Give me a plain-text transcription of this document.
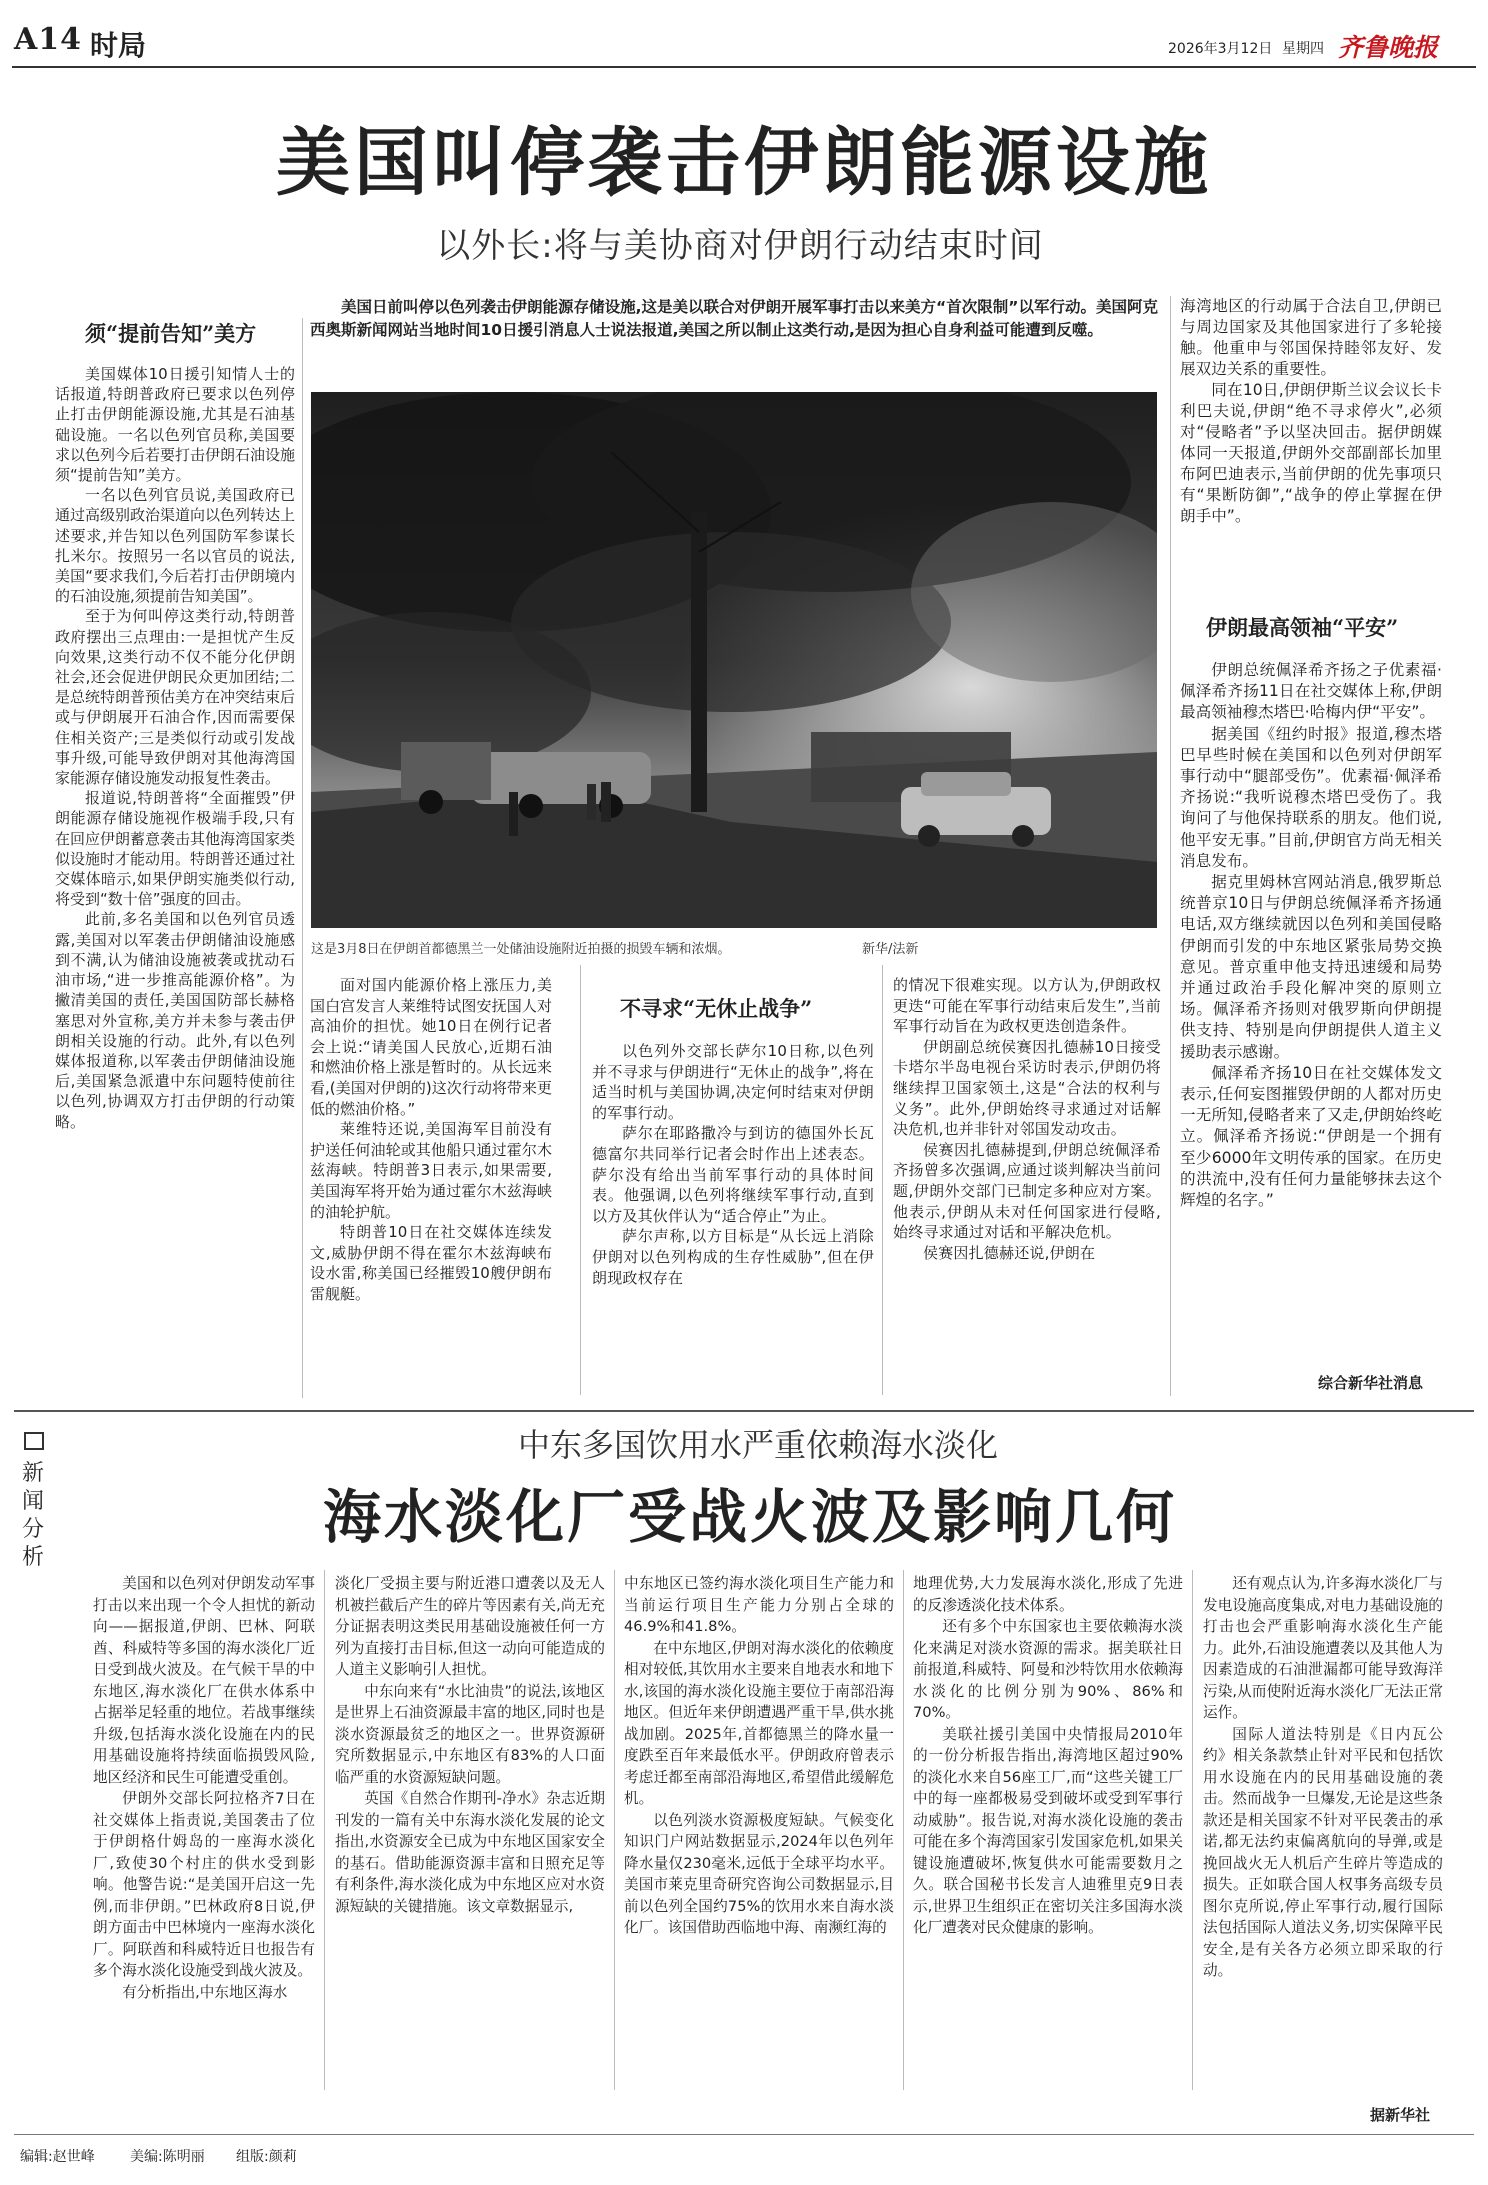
A14 时局	2026年3月12日 星期四 齐鲁晚报
美国叫停袭击伊朗能源设施
以外长:将与美协商对伊朗行动结束时间
须“提前告知”美方

美国媒体10日援引知情人士的话报道,特朗普政府已要求以色列停止打击伊朗能源设施,尤其是石油基础设施。一名以色列官员称,美国要求以色列今后若要打击伊朗石油设施须“提前告知”美方。

一名以色列官员说,美国政府已通过高级别政治渠道向以色列转达上述要求,并告知以色列国防军参谋长扎米尔。按照另一名以官员的说法,美国“要求我们,今后若打击伊朗境内的石油设施,须提前告知美国”。

至于为何叫停这类行动,特朗普政府摆出三点理由:一是担忧产生反向效果,这类行动不仅不能分化伊朗社会,还会促进伊朗民众更加团结;二是总统特朗普预估美方在冲突结束后或与伊朗展开石油合作,因而需要保住相关资产;三是类似行动或引发战事升级,可能导致伊朗对其他海湾国家能源存储设施发动报复性袭击。

报道说,特朗普将“全面摧毁”伊朗能源存储设施视作极端手段,只有在回应伊朗蓄意袭击其他海湾国家类似设施时才能动用。特朗普还通过社交媒体暗示,如果伊朗实施类似行动,将受到“数十倍”强度的回击。

此前,多名美国和以色列官员透露,美国对以军袭击伊朗储油设施感到不满,认为储油设施被袭或扰动石油市场,“进一步推高能源价格”。为撇清美国的责任,美国国防部长赫格塞思对外宣称,美方并未参与袭击伊朗相关设施的行动。此外,有以色列媒体报道称,以军袭击伊朗储油设施后,美国紧急派遣中东问题特使前往以色列,协调双方打击伊朗的行动策略。

美国日前叫停以色列袭击伊朗能源存储设施,这是美以联合对伊朗开展军事打击以来美方“首次限制”以军行动。美国阿克西奥斯新闻网站当地时间10日援引消息人士说法报道,美国之所以制止这类行动,是因为担心自身利益可能遭到反噬。

这是3月8日在伊朗首都德黑兰一处储油设施附近拍摄的损毁车辆和浓烟。	新华/法新

面对国内能源价格上涨压力,美国白宫发言人莱维特试图安抚国人对高油价的担忧。她10日在例行记者会上说:“请美国人民放心,近期石油和燃油价格上涨是暂时的。从长远来看,(美国对伊朗的)这次行动将带来更低的燃油价格。”

莱维特还说,美国海军目前没有护送任何油轮或其他船只通过霍尔木兹海峡。特朗普3日表示,如果需要,美国海军将开始为通过霍尔木兹海峡的油轮护航。

特朗普10日在社交媒体连续发文,威胁伊朗不得在霍尔木兹海峡布设水雷,称美国已经摧毁10艘伊朗布雷舰艇。

不寻求“无休止战争”

以色列外交部长萨尔10日称,以色列并不寻求与伊朗进行“无休止的战争”,将在适当时机与美国协调,决定何时结束对伊朗的军事行动。

萨尔在耶路撒冷与到访的德国外长瓦德富尔共同举行记者会时作出上述表态。萨尔没有给出当前军事行动的具体时间表。他强调,以色列将继续军事行动,直到以方及其伙伴认为“适合停止”为止。

萨尔声称,以方目标是“从长远上消除伊朗对以色列构成的生存性威胁”,但在伊朗现政权存在

的情况下很难实现。以方认为,伊朗政权更迭“可能在军事行动结束后发生”,当前军事行动旨在为政权更迭创造条件。

伊朗副总统侯赛因扎德赫10日接受卡塔尔半岛电视台采访时表示,伊朗仍将继续捍卫国家领土,这是“合法的权利与义务”。此外,伊朗始终寻求通过对话解决危机,也并非针对邻国发动攻击。

侯赛因扎德赫提到,伊朗总统佩泽希齐扬曾多次强调,应通过谈判解决当前问题,伊朗外交部门已制定多种应对方案。他表示,伊朗从未对任何国家进行侵略,始终寻求通过对话和平解决危机。

侯赛因扎德赫还说,伊朗在

海湾地区的行动属于合法自卫,伊朗已与周边国家及其他国家进行了多轮接触。他重申与邻国保持睦邻友好、发展双边关系的重要性。

同在10日,伊朗伊斯兰议会议长卡利巴夫说,伊朗“绝不寻求停火”,必须对“侵略者”予以坚决回击。据伊朗媒体同一天报道,伊朗外交部副部长加里布阿巴迪表示,当前伊朗的优先事项只有“果断防御”,“战争的停止掌握在伊朗手中”。

伊朗最高领袖“平安”

伊朗总统佩泽希齐扬之子优素福·佩泽希齐扬11日在社交媒体上称,伊朗最高领袖穆杰塔巴·哈梅内伊“平安”。

据美国《纽约时报》报道,穆杰塔巴早些时候在美国和以色列对伊朗军事行动中“腿部受伤”。优素福·佩泽希齐扬说:“我听说穆杰塔巴受伤了。我询问了与他保持联系的朋友。他们说,他平安无事。”目前,伊朗官方尚无相关消息发布。

据克里姆林宫网站消息,俄罗斯总统普京10日与伊朗总统佩泽希齐扬通电话,双方继续就因以色列和美国侵略伊朗而引发的中东地区紧张局势交换意见。普京重申他支持迅速缓和局势并通过政治手段化解冲突的原则立场。佩泽希齐扬则对俄罗斯向伊朗提供支持、特别是向伊朗提供人道主义援助表示感谢。

佩泽希齐扬10日在社交媒体发文表示,任何妄图摧毁伊朗的人都对历史一无所知,侵略者来了又走,伊朗始终屹立。佩泽希齐扬说:“伊朗是一个拥有至少6000年文明传承的国家。在历史的洪流中,没有任何力量能够抹去这个辉煌的名字。”

综合新华社消息
新闻分析
中东多国饮用水严重依赖海水淡化
海水淡化厂受战火波及影响几何

美国和以色列对伊朗发动军事打击以来出现一个令人担忧的新动向——据报道,伊朗、巴林、阿联酋、科威特等多国的海水淡化厂近日受到战火波及。在气候干旱的中东地区,海水淡化厂在供水体系中占据举足轻重的地位。若战事继续升级,包括海水淡化设施在内的民用基础设施将持续面临损毁风险,地区经济和民生可能遭受重创。

伊朗外交部长阿拉格齐7日在社交媒体上指责说,美国袭击了位于伊朗格什姆岛的一座海水淡化厂,致使30个村庄的供水受到影响。他警告说:“是美国开启这一先例,而非伊朗。”巴林政府8日说,伊朗方面击中巴林境内一座海水淡化厂。阿联酋和科威特近日也报告有多个海水淡化设施受到战火波及。

有分析指出,中东地区海水

淡化厂受损主要与附近港口遭袭以及无人机被拦截后产生的碎片等因素有关,尚无充分证据表明这类民用基础设施被任何一方列为直接打击目标,但这一动向可能造成的人道主义影响引人担忧。

中东向来有“水比油贵”的说法,该地区是世界上石油资源最丰富的地区,同时也是淡水资源最贫乏的地区之一。世界资源研究所数据显示,中东地区有83%的人口面临严重的水资源短缺问题。

英国《自然合作期刊-净水》杂志近期刊发的一篇有关中东海水淡化发展的论文指出,水资源安全已成为中东地区国家安全的基石。借助能源资源丰富和日照充足等有利条件,海水淡化成为中东地区应对水资源短缺的关键措施。该文章数据显示,

中东地区已签约海水淡化项目生产能力和当前运行项目生产能力分别占全球的46.9%和41.8%。

在中东地区,伊朗对海水淡化的依赖度相对较低,其饮用水主要来自地表水和地下水,该国的海水淡化设施主要位于南部沿海地区。但近年来伊朗遭遇严重干旱,供水挑战加剧。2025年,首都德黑兰的降水量一度跌至百年来最低水平。伊朗政府曾表示考虑迁都至南部沿海地区,希望借此缓解危机。

以色列淡水资源极度短缺。气候变化知识门户网站数据显示,2024年以色列年降水量仅230毫米,远低于全球平均水平。美国市莱克里奇研究咨询公司数据显示,目前以色列全国约75%的饮用水来自海水淡化厂。该国借助西临地中海、南濒红海的

地理优势,大力发展海水淡化,形成了先进的反渗透淡化技术体系。

还有多个中东国家也主要依赖海水淡化来满足对淡水资源的需求。据美联社日前报道,科威特、阿曼和沙特饮用水依赖海水淡化的比例分别为90%、86%和70%。

美联社援引美国中央情报局2010年的一份分析报告指出,海湾地区超过90%的淡化水来自56座工厂,而“这些关键工厂中的每一座都极易受到破坏或受到军事行动威胁”。报告说,对海水淡化设施的袭击可能在多个海湾国家引发国家危机,如果关键设施遭破坏,恢复供水可能需要数月之久。联合国秘书长发言人迪雅里克9日表示,世界卫生组织正在密切关注多国海水淡化厂遭袭对民众健康的影响。

还有观点认为,许多海水淡化厂与发电设施高度集成,对电力基础设施的打击也会严重影响海水淡化生产能力。此外,石油设施遭袭以及其他人为因素造成的石油泄漏都可能导致海洋污染,从而使附近海水淡化厂无法正常运作。

国际人道法特别是《日内瓦公约》相关条款禁止针对平民和包括饮用水设施在内的民用基础设施的袭击。然而战争一旦爆发,无论是这些条款还是相关国家不针对平民袭击的承诺,都无法约束偏离航向的导弹,或是挽回战火无人机后产生碎片等造成的损失。正如联合国人权事务高级专员图尔克所说,停止军事行动,履行国际法包括国际人道法义务,切实保障平民安全,是有关各方必须立即采取的行动。

据新华社
编辑:赵世峰	美编:陈明丽 组版:颜莉
